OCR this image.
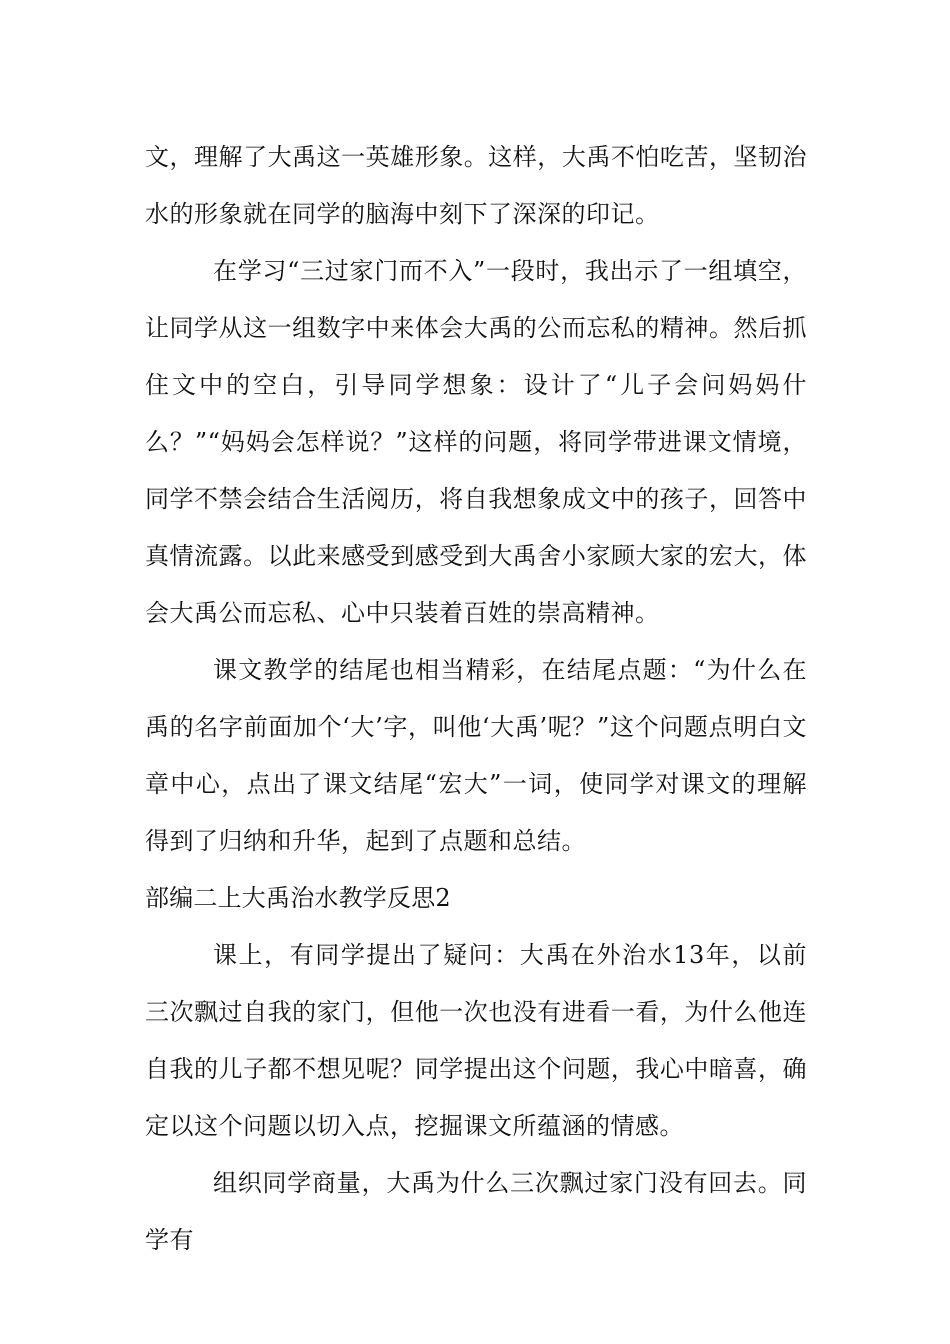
文，理解了大禹这一英雄形象。这样，大禹不怕吃苦，坚韧治水的形象就在同学的脑海中刻下了深深的印记。

在学习“三过家门而不入”一段时，我出示了一组填空，让同学从这一组数字中来体会大禹的公而忘私的精神。然后抓住文中的空白，引导同学想象：设计了“儿子会问妈妈什么？”“妈妈会怎样说？”这样的问题，将同学带进课文情境，同学不禁会结合生活阅历，将自我想象成文中的孩子，回答中真情流露。以此来感受到感受到大禹舍小家顾大家的宏大，体会大禹公而忘私、心中只装着百姓的崇高精神。

课文教学的结尾也相当精彩，在结尾点题：“为什么在禹的名字前面加个‘大’字，叫他‘大禹’呢？”这个问题点明白文章中心，点出了课文结尾“宏大”一词，使同学对课文的理解得到了归纳和升华，起到了点题和总结。

部编二上大禹治水教学反思2

课上，有同学提出了疑问：大禹在外治水13年，以前三次飘过自我的家门，但他一次也没有进看一看，为什么他连自我的儿子都不想见呢？同学提出这个问题，我心中暗喜，确定以这个问题以切入点，挖掘课文所蕴涵的情感。

组织同学商量，大禹为什么三次飘过家门没有回去。同学有
